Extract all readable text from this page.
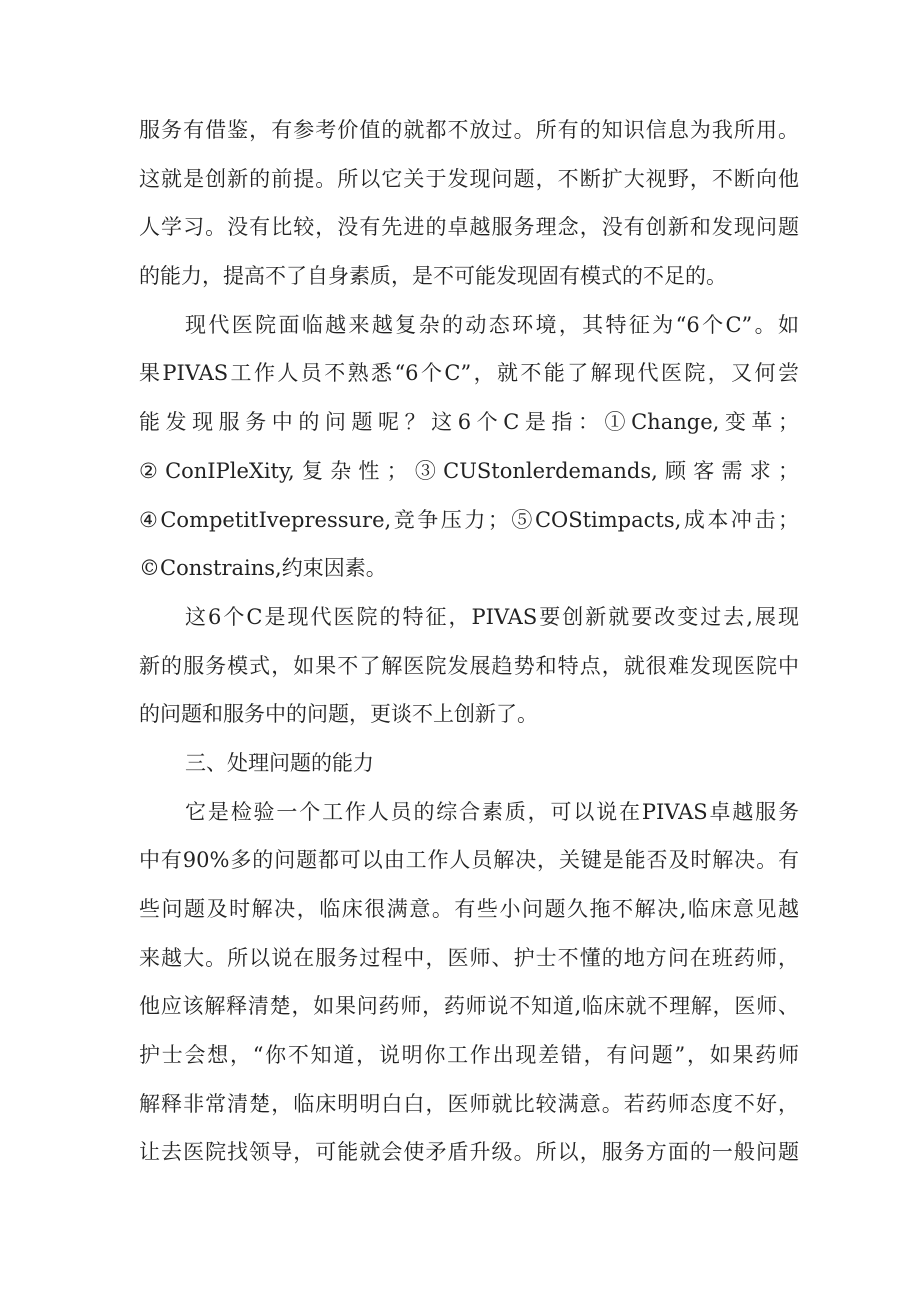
服务有借鉴，有参考价值的就都不放过。所有的知识信息为我所用。
这就是创新的前提。所以它关于发现问题，不断扩大视野，不断向他
人学习。没有比较，没有先进的卓越服务理念，没有创新和发现问题
的能力，提高不了自身素质，是不可能发现固有模式的不足的。
现代医院面临越来越复杂的动态环境，其特征为“6个C”。如
果PIVAS工作人员不熟悉“6个C”，就不能了解现代医院，又何尝
能发现服务中的问题呢？这6个C是指：①Change,变革；
②ConIPleXity,复杂性；③CUStonlerdemands,顾客需求；
④CompetitIvepressure,竞争压力；⑤COStimpacts,成本冲击；
©Constrains,约束因素。
这6个C是现代医院的特征，PIVAS要创新就要改变过去,展现
新的服务模式，如果不了解医院发展趋势和特点，就很难发现医院中
的问题和服务中的问题，更谈不上创新了。
三、处理问题的能力
它是检验一个工作人员的综合素质，可以说在PIVAS卓越服务
中有90%多的问题都可以由工作人员解决，关键是能否及时解决。有
些问题及时解决，临床很满意。有些小问题久拖不解决,临床意见越
来越大。所以说在服务过程中，医师、护士不懂的地方问在班药师，
他应该解释清楚，如果问药师，药师说不知道,临床就不理解，医师、
护士会想，“你不知道，说明你工作出现差错，有问题”，如果药师
解释非常清楚，临床明明白白，医师就比较满意。若药师态度不好，
让去医院找领导，可能就会使矛盾升级。所以，服务方面的一般问题
